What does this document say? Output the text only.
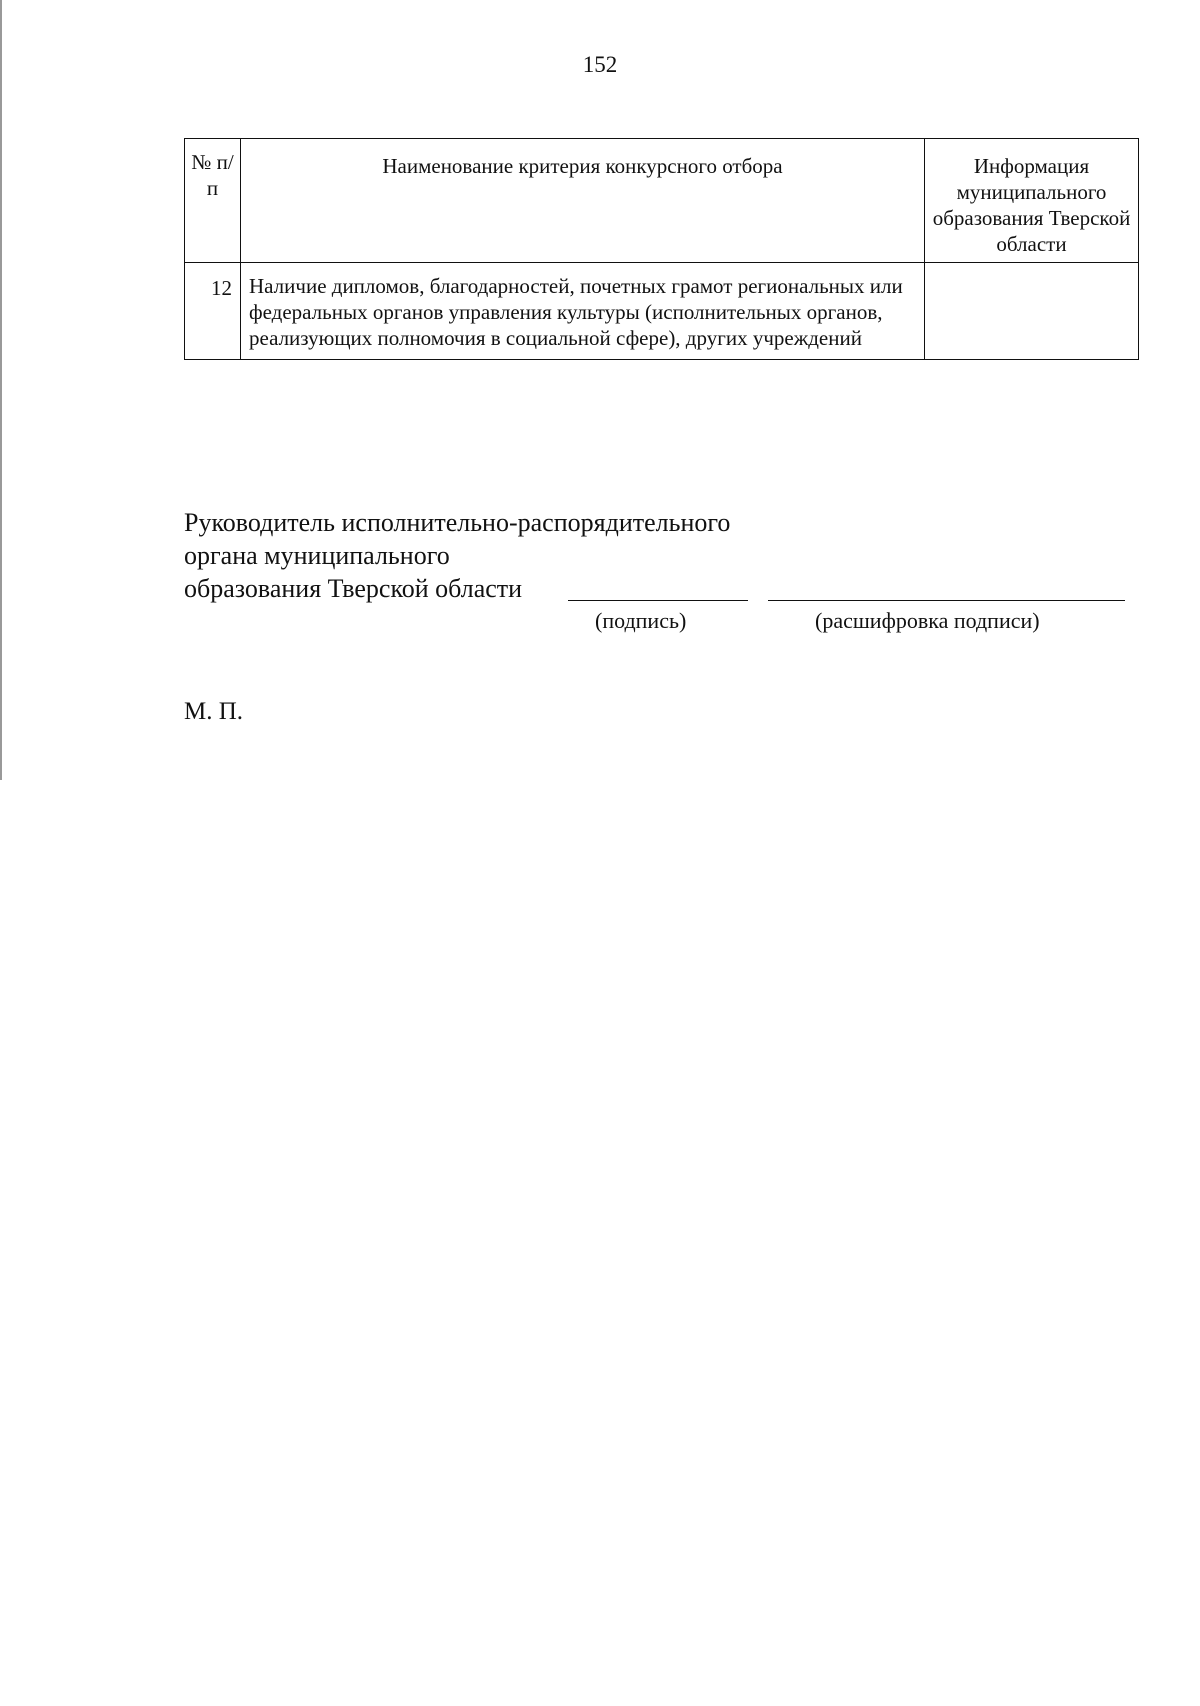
152
№ п/п	Наименование критерия конкурсного отбора	Информация муниципального образования Тверской области
12	Наличие дипломов, благодарностей, почетных грамот региональных или федеральных органов управления культуры (исполнительных органов, реализующих полномочия в социальной сфере), других учреждений	
Руководитель исполнительно-распорядительного
органа муниципального
образования Тверской области
(подпись)	(расшифровка подписи)
М. П.
